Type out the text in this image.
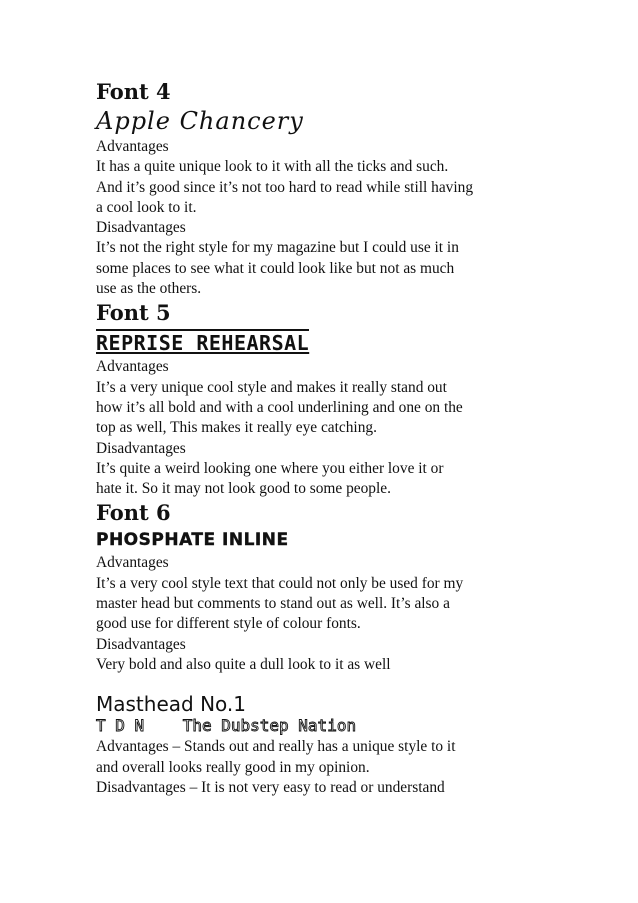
Font 4

Apple Chancery

Advantages

It has a quite unique look to it with all the ticks and such.

And it’s good since it’s not too hard to read while still having

a cool look to it.

Disadvantages

It’s not the right style for my magazine but I could use it in

some places to see what it could look like but not as much

use as the others.

Font 5

REPRISE REHEARSAL

Advantages

It’s a very unique cool style and makes it really stand out

how it’s all bold and with a cool underlining and one on the

top as well, This makes it really eye catching.

Disadvantages

It’s quite a weird looking one where you either love it or

hate it. So it may not look good to some people.

Font 6

PHOSPHATE INLINE

Advantages

It’s a very cool style text that could not only be used for my

master head but comments to stand out as well. It’s also a

good use for different style of colour fonts.

Disadvantages

Very bold and also quite a dull look to it as well

Masthead No.1

T D N    The Dubstep Nation

Advantages – Stands out and really has a unique style to it

and overall looks really good in my opinion.

Disadvantages – It is not very easy to read or understand
